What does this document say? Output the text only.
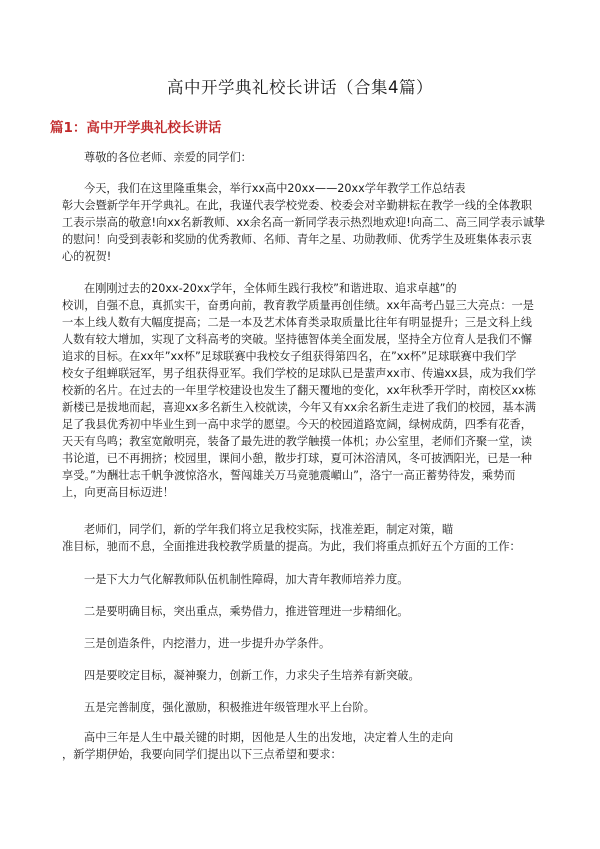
高中开学典礼校长讲话（合集4篇）
篇1：高中开学典礼校长讲话

尊敬的各位老师、亲爱的同学们：

今天，我们在这里隆重集会，举行xx高中20xx——20xx学年教学工作总结表
彰大会暨新学年开学典礼。在此，我谨代表学校党委、校委会对辛勤耕耘在教学一线的全体教职
工表示崇高的敬意!向xx名新教师、xx余名高一新同学表示热烈地欢迎!向高二、高三同学表示诚挚
的慰问！向受到表彰和奖励的优秀教师、名师、青年之星、功勋教师、优秀学生及班集体表示衷
心的祝贺!

在刚刚过去的20xx-20xx学年，全体师生践行我校”和谐进取、追求卓越”的
校训，自强不息，真抓实干，奋勇向前，教育教学质量再创佳绩。xx年高考凸显三大亮点：一是
一本上线人数有大幅度提高；二是一本及艺术体育类录取质量比往年有明显提升；三是文科上线
人数有较大增加，实现了文科高考的突破。坚持德智体美全面发展，坚持全方位育人是我们不懈
追求的目标。在xx年”xx杯”足球联赛中我校女子组获得第四名，在”xx杯”足球联赛中我们学
校女子组蝉联冠军，男子组获得亚军。我们学校的足球队已是蜚声xx市、传遍xx县，成为我们学
校新的名片。在过去的一年里学校建设也发生了翻天覆地的变化，xx年秋季开学时，南校区xx栋
新楼已是拔地而起，喜迎xx多名新生入校就读，今年又有xx余名新生走进了我们的校园，基本满
足了我县优秀初中毕业生到一高中求学的愿望。今天的校园道路宽阔，绿树成荫，四季有花香，
天天有鸟鸣；教室宽敞明亮，装备了最先进的教学触摸一体机；办公室里，老师们齐聚一堂，读
书论道，已不再拥挤；校园里，课间小憩，散步打球，夏可沐浴清风，冬可披洒阳光，已是一种
享受。”为酬壮志千帆争渡惊洛水，誓闯雄关万马竟驰震嵋山”，洛宁一高正蓄势待发，乘势而
上，向更高目标迈进！

老师们，同学们，新的学年我们将立足我校实际，找准差距，制定对策，瞄
准目标，驰而不息，全面推进我校教学质量的提高。为此，我们将重点抓好五个方面的工作：

一是下大力气化解教师队伍机制性障碍，加大青年教师培养力度。

二是要明确目标，突出重点，乘势借力，推进管理进一步精细化。

三是创造条件，内挖潜力，进一步提升办学条件。

四是要咬定目标，凝神聚力，创新工作，力求尖子生培养有新突破。

五是完善制度，强化激励，积极推进年级管理水平上台阶。

高中三年是人生中最关键的时期，因他是人生的出发地，决定着人生的走向
，新学期伊始，我要向同学们提出以下三点希望和要求：
